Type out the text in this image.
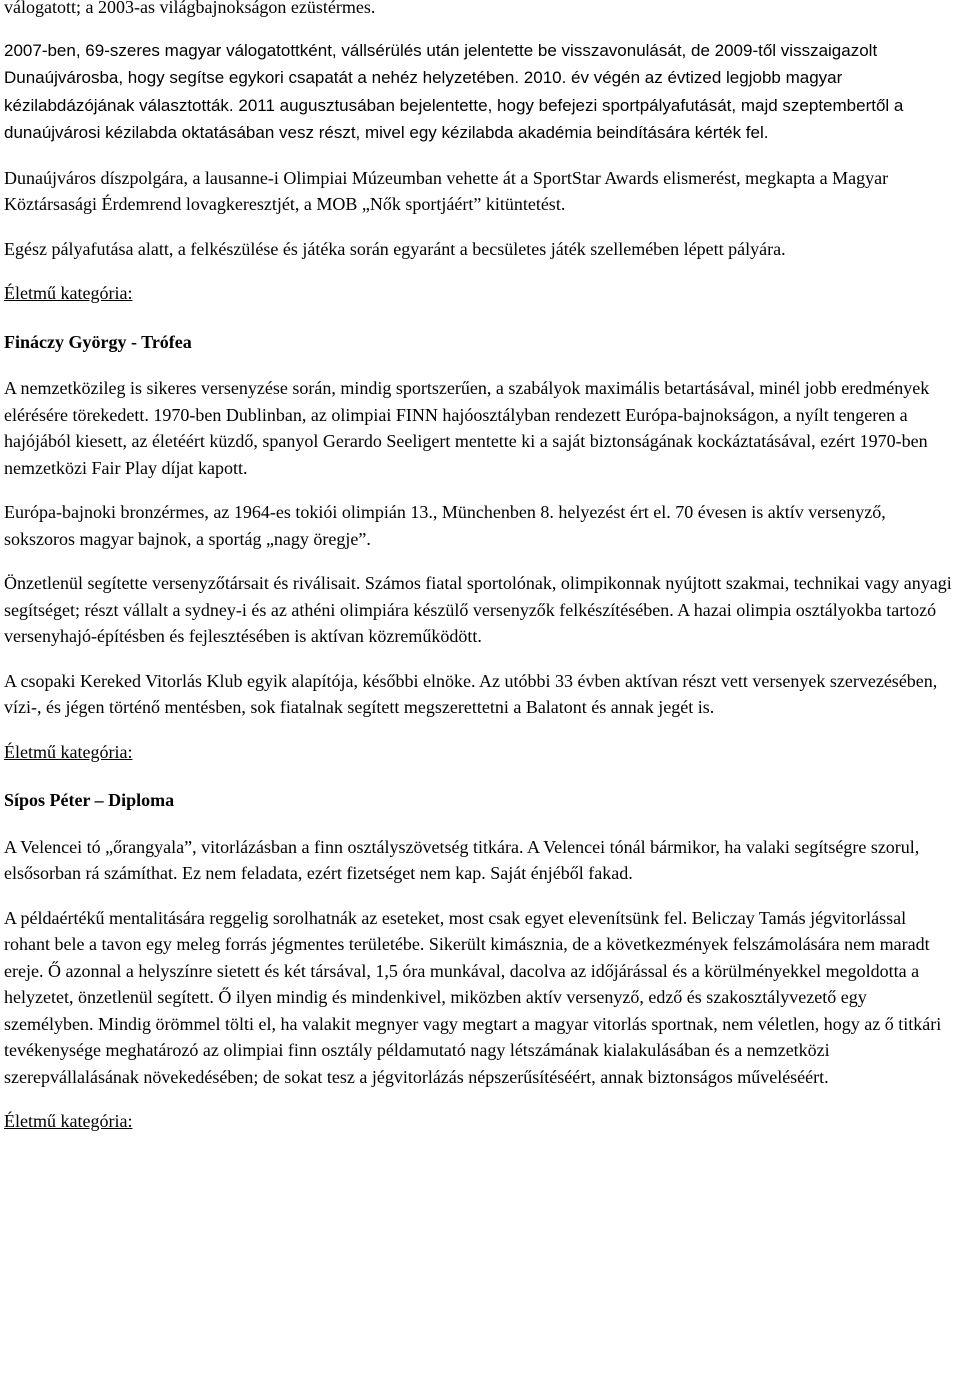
válogatott; a 2003-as világbajnokságon ezüstérmes.

2007-ben, 69-szeres magyar válogatottként, vállsérülés után jelentette be visszavonulását, de 2009-től visszaigazolt Dunaújvárosba, hogy segítse egykori csapatát a nehéz helyzetében. 2010. év végén az évtized legjobb magyar kézilabdázójának választották. 2011 augusztusában bejelentette, hogy befejezi sportpályafutását, majd szeptembertől a dunaújvárosi kézilabda oktatásában vesz részt, mivel egy kézilabda akadémia beindítására kérték fel.

Dunaújváros díszpolgára, a lausanne-i Olimpiai Múzeumban vehette át a SportStar Awards elismerést, megkapta a Magyar Köztársasági Érdemrend lovagkeresztjét, a MOB „Nők sportjáért” kitüntetést.

Egész pályafutása alatt, a felkészülése és játéka során egyaránt a becsületes játék szellemében lépett pályára.

Életmű kategória:

Fináczy György - Trófea

A nemzetközileg is sikeres versenyzése során, mindig sportszerűen, a szabályok maximális betartásával, minél jobb eredmények elérésére törekedett. 1970-ben Dublinban, az olimpiai FINN hajóosztályban rendezett Európa-bajnokságon, a nyílt tengeren a hajójából kiesett, az életéért küzdő, spanyol Gerardo Seeligert mentette ki a saját biztonságának kockáztatásával, ezért 1970-ben nemzetközi Fair Play díjat kapott.

Európa-bajnoki bronzérmes, az 1964-es tokiói olimpián 13., Münchenben 8. helyezést ért el. 70 évesen is aktív versenyző, sokszoros magyar bajnok, a sportág „nagy öregje”.

Önzetlenül segítette versenyzőtársait és riválisait. Számos fiatal sportolónak, olimpikonnak nyújtott szakmai, technikai vagy anyagi segítséget; részt vállalt a sydney-i és az athéni olimpiára készülő versenyzők felkészítésében. A hazai olimpia osztályokba tartozó versenyhajó-építésben és fejlesztésében is aktívan közreműködött.

A csopaki Kereked Vitorlás Klub egyik alapítója, későbbi elnöke. Az utóbbi 33 évben aktívan részt vett versenyek szervezésében, vízi-, és jégen történő mentésben, sok fiatalnak segített megszerettetni a Balatont és annak jegét is.

Életmű kategória:

Sípos Péter – Diploma

A Velencei tó „őrangyala”, vitorlázásban a finn osztályszövetség titkára. A Velencei tónál bármikor, ha valaki segítségre szorul, elsősorban rá számíthat. Ez nem feladata, ezért fizetséget nem kap. Saját énjéből fakad.

A példaértékű mentalitására reggelig sorolhatnák az eseteket, most csak egyet elevenítsünk fel. Beliczay Tamás jégvitorlással rohant bele a tavon egy meleg forrás jégmentes területébe. Sikerült kimásznia, de a következmények felszámolására nem maradt ereje. Ő azonnal a helyszínre sietett és két társával, 1,5 óra munkával, dacolva az időjárással és a körülményekkel megoldotta a helyzetet, önzetlenül segített. Ő ilyen mindig és mindenkivel, miközben aktív versenyző, edző és szakosztályvezető egy személyben. Mindig örömmel tölti el, ha valakit megnyer vagy megtart a magyar vitorlás sportnak, nem véletlen, hogy az ő titkári tevékenysége meghatározó az olimpiai finn osztály példamutató nagy létszámának kialakulásában és a nemzetközi szerepvállalásának növekedésében; de sokat tesz a jégvitorlázás népszerűsítéséért, annak biztonságos műveléséért.

Életmű kategória:
